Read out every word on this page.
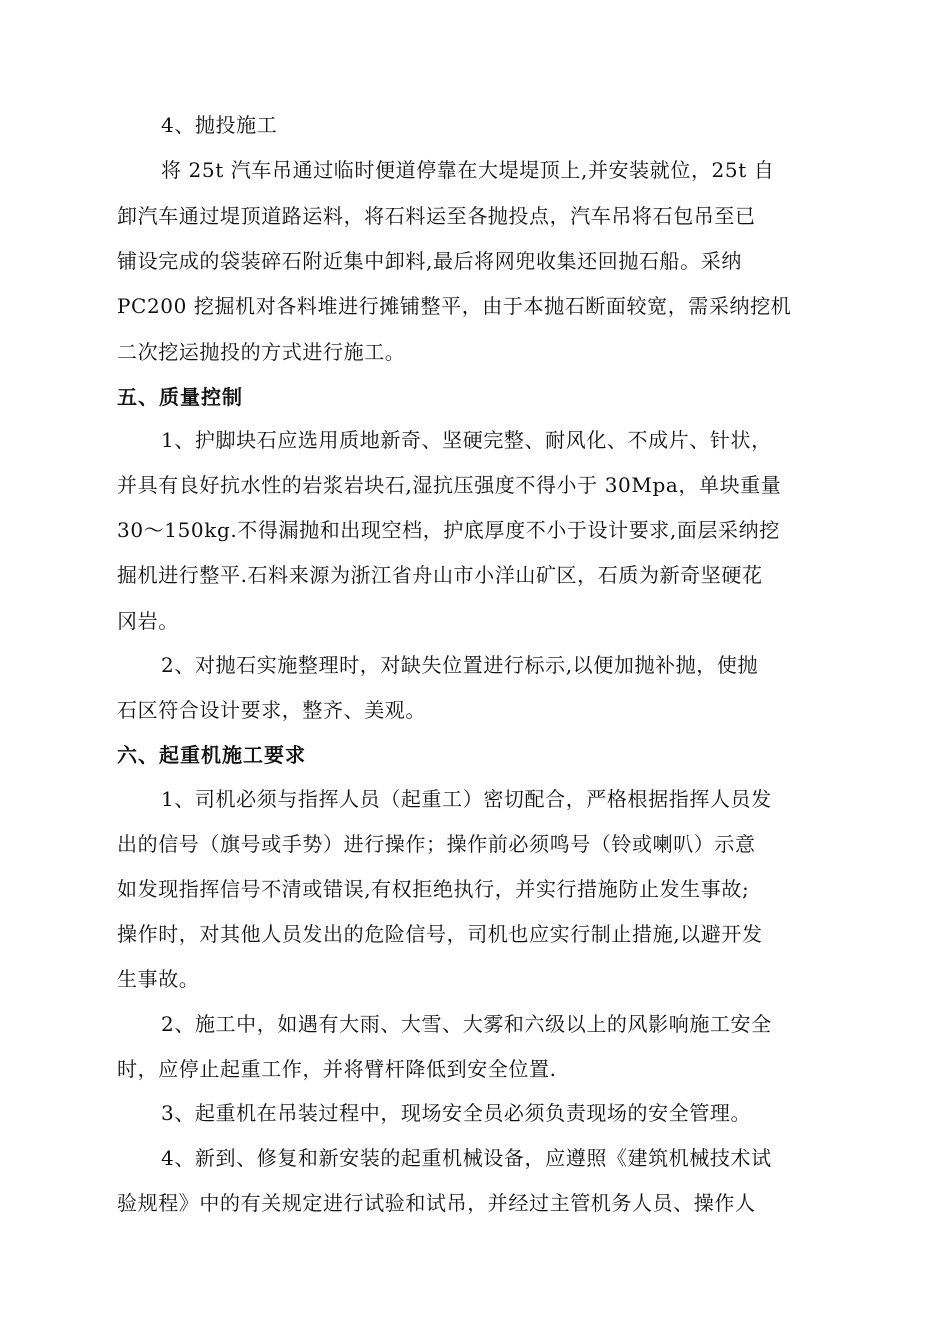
4、抛投施工
将 25t 汽车吊通过临时便道停靠在大堤堤顶上,并安装就位，25t 自
卸汽车通过堤顶道路运料，将石料运至各抛投点，汽车吊将石包吊至已
铺设完成的袋装碎石附近集中卸料,最后将网兜收集还回抛石船。采纳
PC200 挖掘机对各料堆进行摊铺整平，由于本抛石断面较宽，需采纳挖机
二次挖运抛投的方式进行施工。
五、质量控制
1、护脚块石应选用质地新奇、坚硬完整、耐风化、不成片、针状，
并具有良好抗水性的岩浆岩块石,湿抗压强度不得小于 30Mpa，单块重量
30～150kg.不得漏抛和出现空档，护底厚度不小于设计要求,面层采纳挖
掘机进行整平.石料来源为浙江省舟山市小洋山矿区，石质为新奇坚硬花
冈岩。
2、对抛石实施整理时，对缺失位置进行标示,以便加抛补抛，使抛
石区符合设计要求，整齐、美观。
六、起重机施工要求
1、司机必须与指挥人员（起重工）密切配合，严格根据指挥人员发
出的信号（旗号或手势）进行操作；操作前必须鸣号（铃或喇叭）示意
如发现指挥信号不清或错误,有权拒绝执行，并实行措施防止发生事故;
操作时，对其他人员发出的危险信号，司机也应实行制止措施,以避开发
生事故。
2、施工中，如遇有大雨、大雪、大雾和六级以上的风影响施工安全
时，应停止起重工作，并将臂杆降低到安全位置.
3、起重机在吊装过程中，现场安全员必须负责现场的安全管理。
4、新到、修复和新安装的起重机械设备，应遵照《建筑机械技术试
验规程》中的有关规定进行试验和试吊，并经过主管机务人员、操作人
